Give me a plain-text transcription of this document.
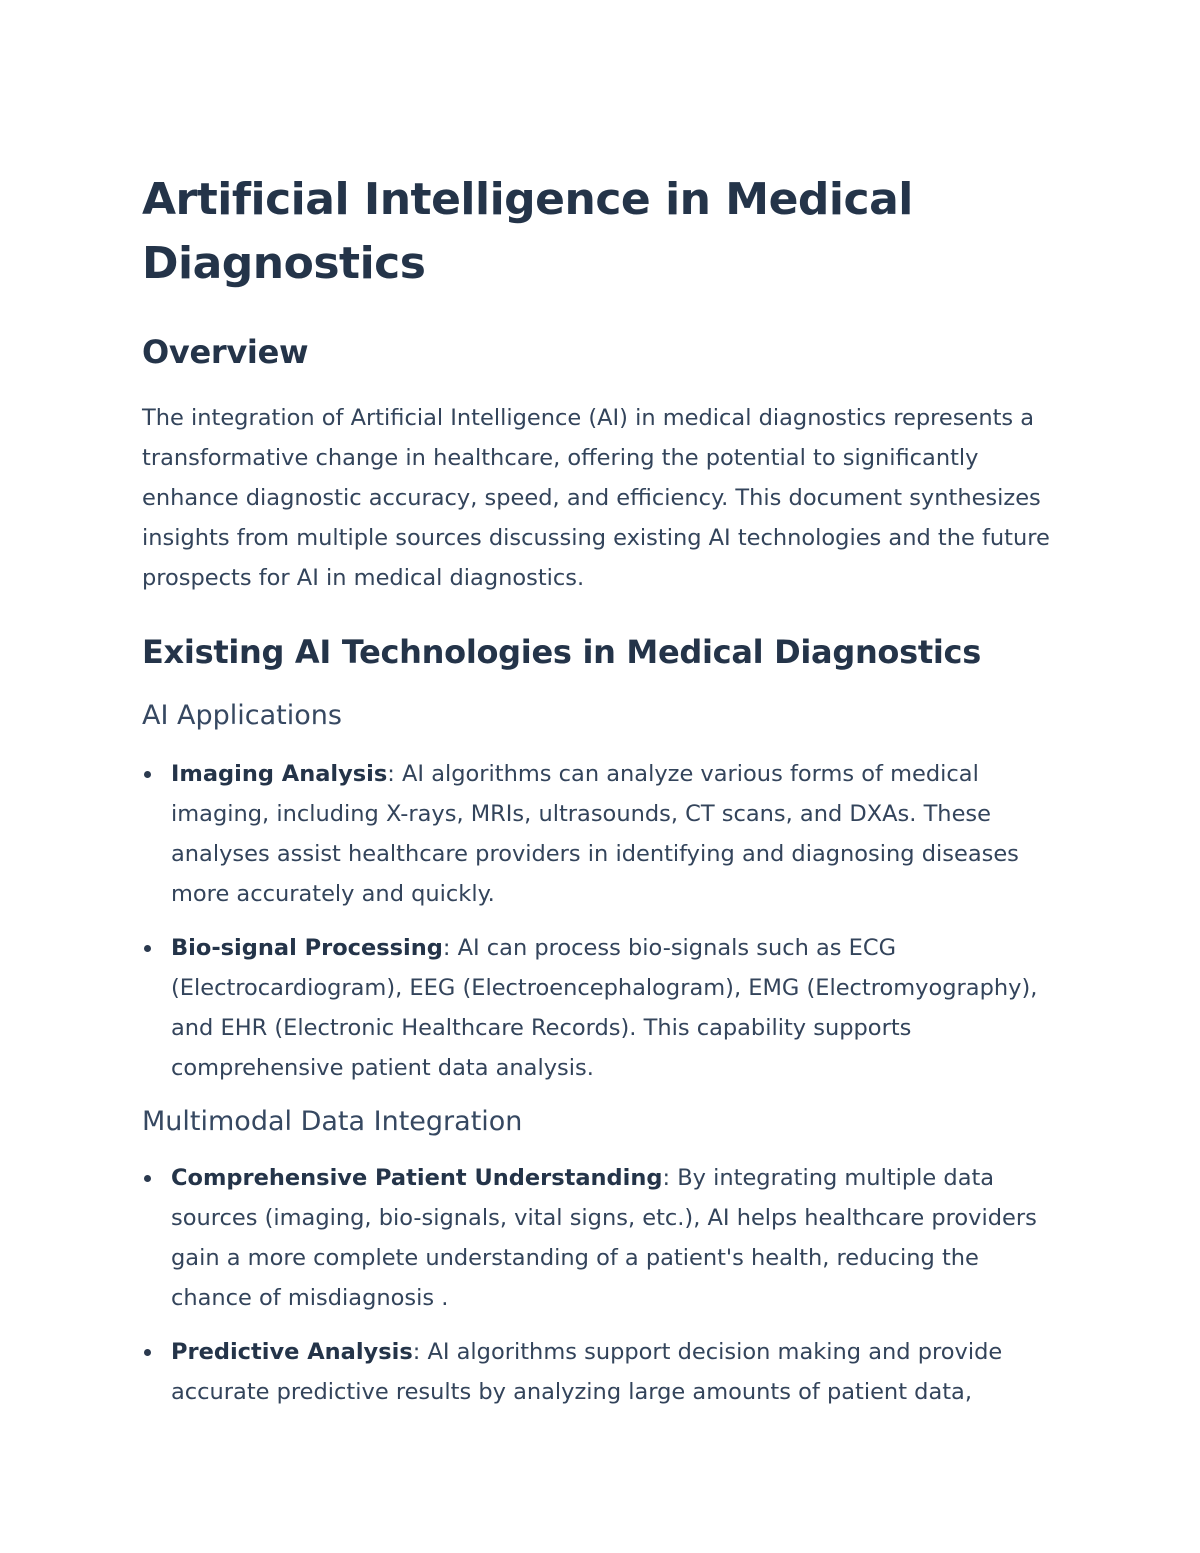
Artificial Intelligence in Medical Diagnostics
Overview

The integration of Artificial Intelligence (AI) in medical diagnostics represents a transformative change in healthcare, offering the potential to significantly enhance diagnostic accuracy, speed, and efficiency. This document synthesizes insights from multiple sources discussing existing AI technologies and the future prospects for AI in medical diagnostics.

Existing AI Technologies in Medical Diagnostics
AI Applications
Imaging Analysis: AI algorithms can analyze various forms of medical imaging, including X-rays, MRIs, ultrasounds, CT scans, and DXAs. These analyses assist healthcare providers in identifying and diagnosing diseases more accurately and quickly.
Bio-signal Processing: AI can process bio-signals such as ECG (Electrocardiogram), EEG (Electroencephalogram), EMG (Electromyography), and EHR (Electronic Healthcare Records). This capability supports comprehensive patient data analysis.
Multimodal Data Integration
Comprehensive Patient Understanding: By integrating multiple data sources (imaging, bio-signals, vital signs, etc.), AI helps healthcare providers gain a more complete understanding of a patient's health, reducing the chance of misdiagnosis .
Predictive Analysis: AI algorithms support decision making and provide accurate predictive results by analyzing large amounts of patient data,
